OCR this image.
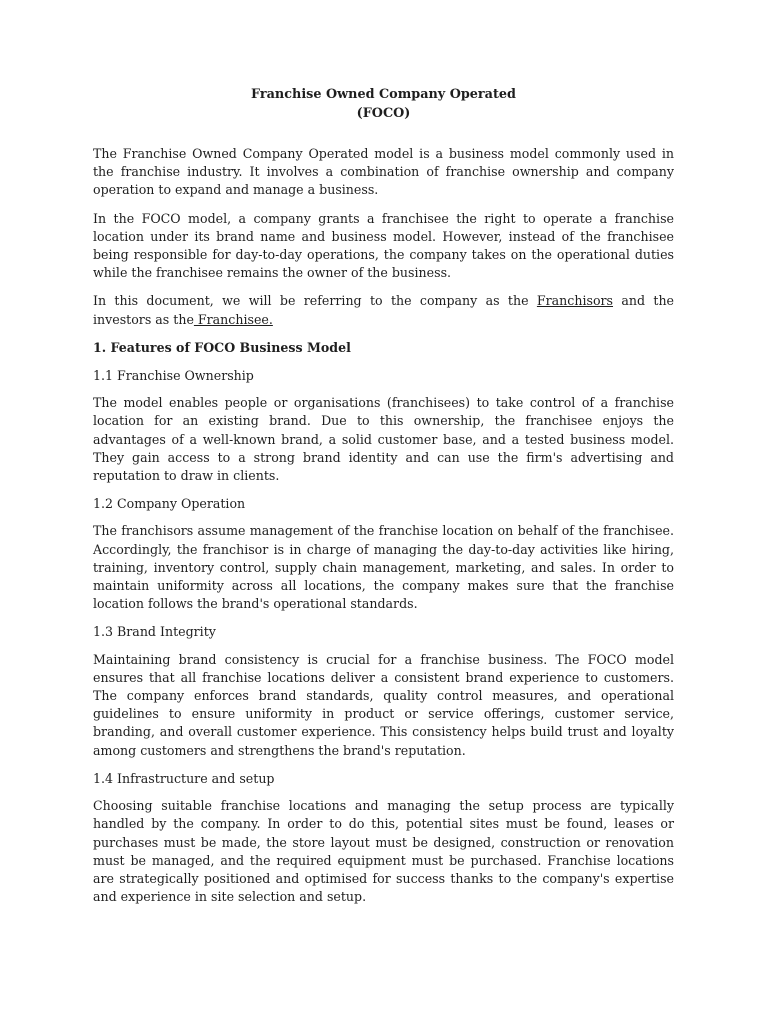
Franchise Owned Company Operated

(FOCO)

The Franchise Owned Company Operated model is a business model commonly used in the franchise industry. It involves a combination of franchise ownership and company operation to expand and manage a business.

In the FOCO model, a company grants a franchisee the right to operate a franchise location under its brand name and business model. However, instead of the franchisee being responsible for day-to-day operations, the company takes on the operational duties while the franchisee remains the owner of the business.

In this document, we will be referring to the company as the Franchisors and the investors as the Franchisee.

1. Features of FOCO Business Model
1.1 Franchise Ownership

The model enables people or organisations (franchisees) to take control of a franchise location for an existing brand. Due to this ownership, the franchisee enjoys the advantages of a well-known brand, a solid customer base, and a tested business model. They gain access to a strong brand identity and can use the firm's advertising and reputation to draw in clients.

1.2 Company Operation

The franchisors assume management of the franchise location on behalf of the franchisee. Accordingly, the franchisor is in charge of managing the day-to-day activities like hiring, training, inventory control, supply chain management, marketing, and sales. In order to maintain uniformity across all locations, the company makes sure that the franchise location follows the brand's operational standards.

1.3 Brand Integrity

Maintaining brand consistency is crucial for a franchise business. The FOCO model ensures that all franchise locations deliver a consistent brand experience to customers. The company enforces brand standards, quality control measures, and operational guidelines to ensure uniformity in product or service offerings, customer service, branding, and overall customer experience. This consistency helps build trust and loyalty among customers and strengthens the brand's reputation.

1.4 Infrastructure and setup

Choosing suitable franchise locations and managing the setup process are typically handled by the company. In order to do this, potential sites must be found, leases or purchases must be made, the store layout must be designed, construction or renovation must be managed, and the required equipment must be purchased. Franchise locations are strategically positioned and optimised for success thanks to the company's expertise and experience in site selection and setup.
